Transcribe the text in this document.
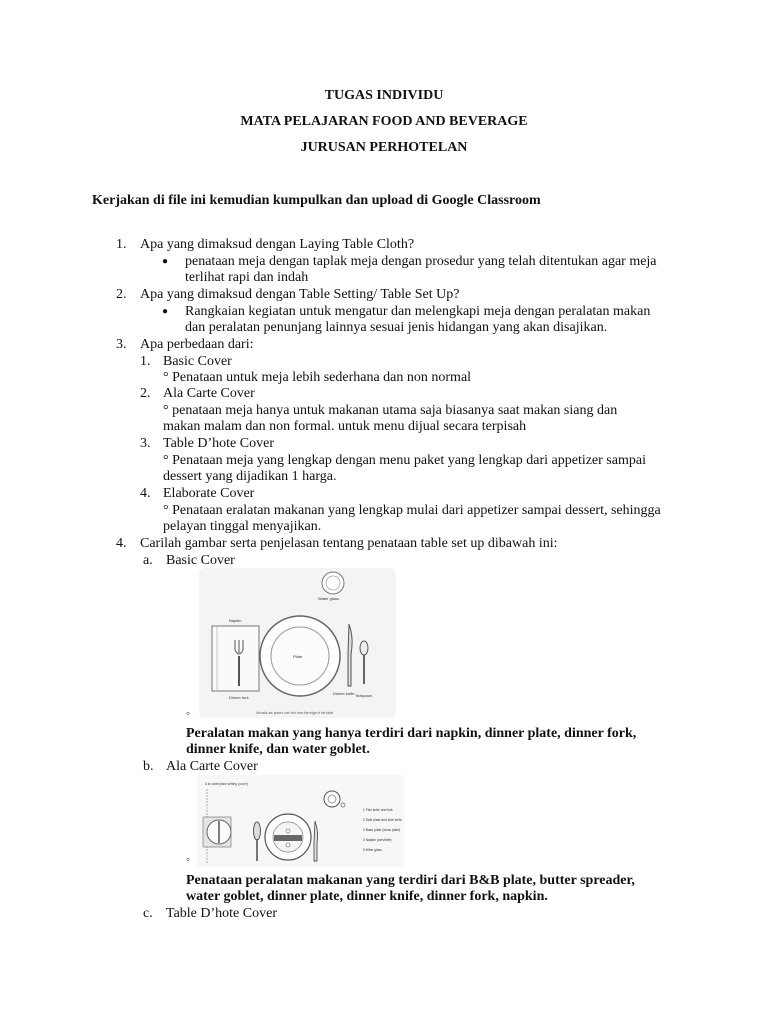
TUGAS INDIVIDU
MATA PELAJARAN FOOD AND BEVERAGE
JURUSAN PERHOTELAN
Kerjakan di file ini kemudian kumpulkan dan upload di Google Classroom
1. Apa yang dimaksud dengan Laying Table Cloth?
● penataan meja dengan taplak meja dengan prosedur yang telah ditentukan agar meja
terlihat rapi dan indah
2. Apa yang dimaksud dengan Table Setting/ Table Set Up?
● Rangkaian kegiatan untuk mengatur dan melengkapi meja dengan peralatan makan
dan peralatan penunjang lainnya sesuai jenis hidangan yang akan disajikan.
3. Apa perbedaan dari:
1. Basic Cover
° Penataan untuk meja lebih sederhana dan non normal
2. Ala Carte Cover
° penataan meja hanya untuk makanan utama saja biasanya saat makan siang dan
makan malam dan non formal. untuk menu dijual secara terpisah
3. Table D’hote Cover
° Penataan meja yang lengkap dengan menu paket yang lengkap dari appetizer sampai
dessert yang dijadikan 1 harga.
4. Elaborate Cover
° Penataan eralatan makanan yang lengkap mulai dari appetizer sampai dessert, sehingga
pelayan tinggal menyajikan.
4. Carilah gambar serta penjelasan tentang penataan table set up dibawah ini:
a. Basic Cover
Water glass
Napkin
Dinner fork
Plate
Dinner knife Teaspoon
Utensils are placed one inch from the edge of the table
◦
Peralatan makan yang hanya terdiri dari napkin, dinner plate, dinner fork,
dinner knife, dan water goblet.
b. Ala Carte Cover
A la carte/place setting (cover)
1 Fish knife and fork
2 Side plate and side knife
3 Base plate (show plate)
4 Napkin (serviette)
5 Wine glass
◦
Penataan peralatan makanan yang terdiri dari B&B plate, butter spreader,
water goblet, dinner plate, dinner knife, dinner fork, napkin.
c. Table D’hote Cover
